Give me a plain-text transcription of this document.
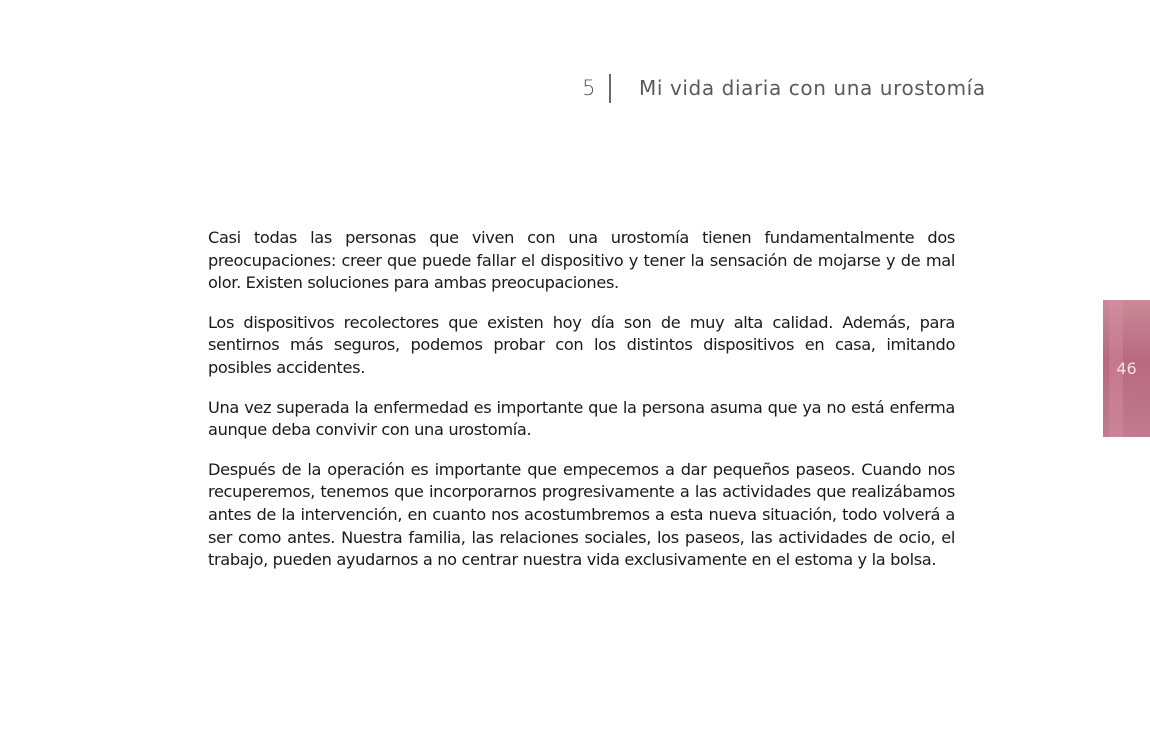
5 Mi vida diaria con una urostomía

Casi todas las personas que viven con una urostomía tienen fundamentalmente dos preocupaciones: creer que puede fallar el dispositivo y tener la sensación de mojarse y de mal olor. Existen soluciones para ambas preocupaciones.

Los dispositivos recolectores que existen hoy día son de muy alta calidad. Además, para sentirnos más seguros, podemos probar con los distintos dispositivos en casa, imitando posibles accidentes.

Una vez superada la enfermedad es importante que la persona asuma que ya no está enferma aunque deba convivir con una urostomía.

Después de la operación es importante que empecemos a dar pequeños paseos. Cuando nos recuperemos, tenemos que incorporarnos progresivamente a las actividades que realizábamos antes de la intervención, en cuanto nos acostumbremos a esta nueva situación, todo volverá a ser como antes. Nuestra familia, las relaciones sociales, los paseos, las actividades de ocio, el trabajo, pueden ayudarnos a no centrar nuestra vida exclusivamente en el estoma y la bolsa.

46
